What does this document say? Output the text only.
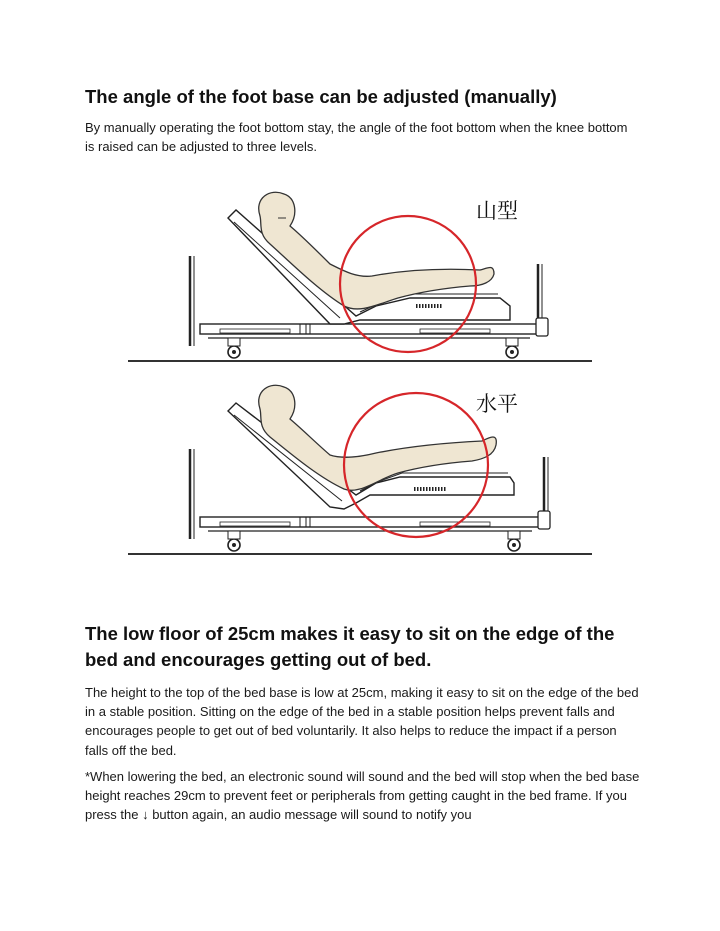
The angle of the foot base can be adjusted (manually)

By manually operating the foot bottom stay, the angle of the foot bottom when the knee bottom is raised can be adjusted to three levels.

山型
水平
The low floor of 25cm makes it easy to sit on the edge of the bed and encourages getting out of bed.

The height to the top of the bed base is low at 25cm, making it easy to sit on the edge of the bed in a stable position. Sitting on the edge of the bed in a stable position helps prevent falls and encourages people to get out of bed voluntarily. It also helps to reduce the impact if a person falls off the bed.

*When lowering the bed, an electronic sound will sound and the bed will stop when the bed base height reaches 29cm to prevent feet or peripherals from getting caught in the bed frame. If you press the ↓ button again, an audio message will sound to notify you
